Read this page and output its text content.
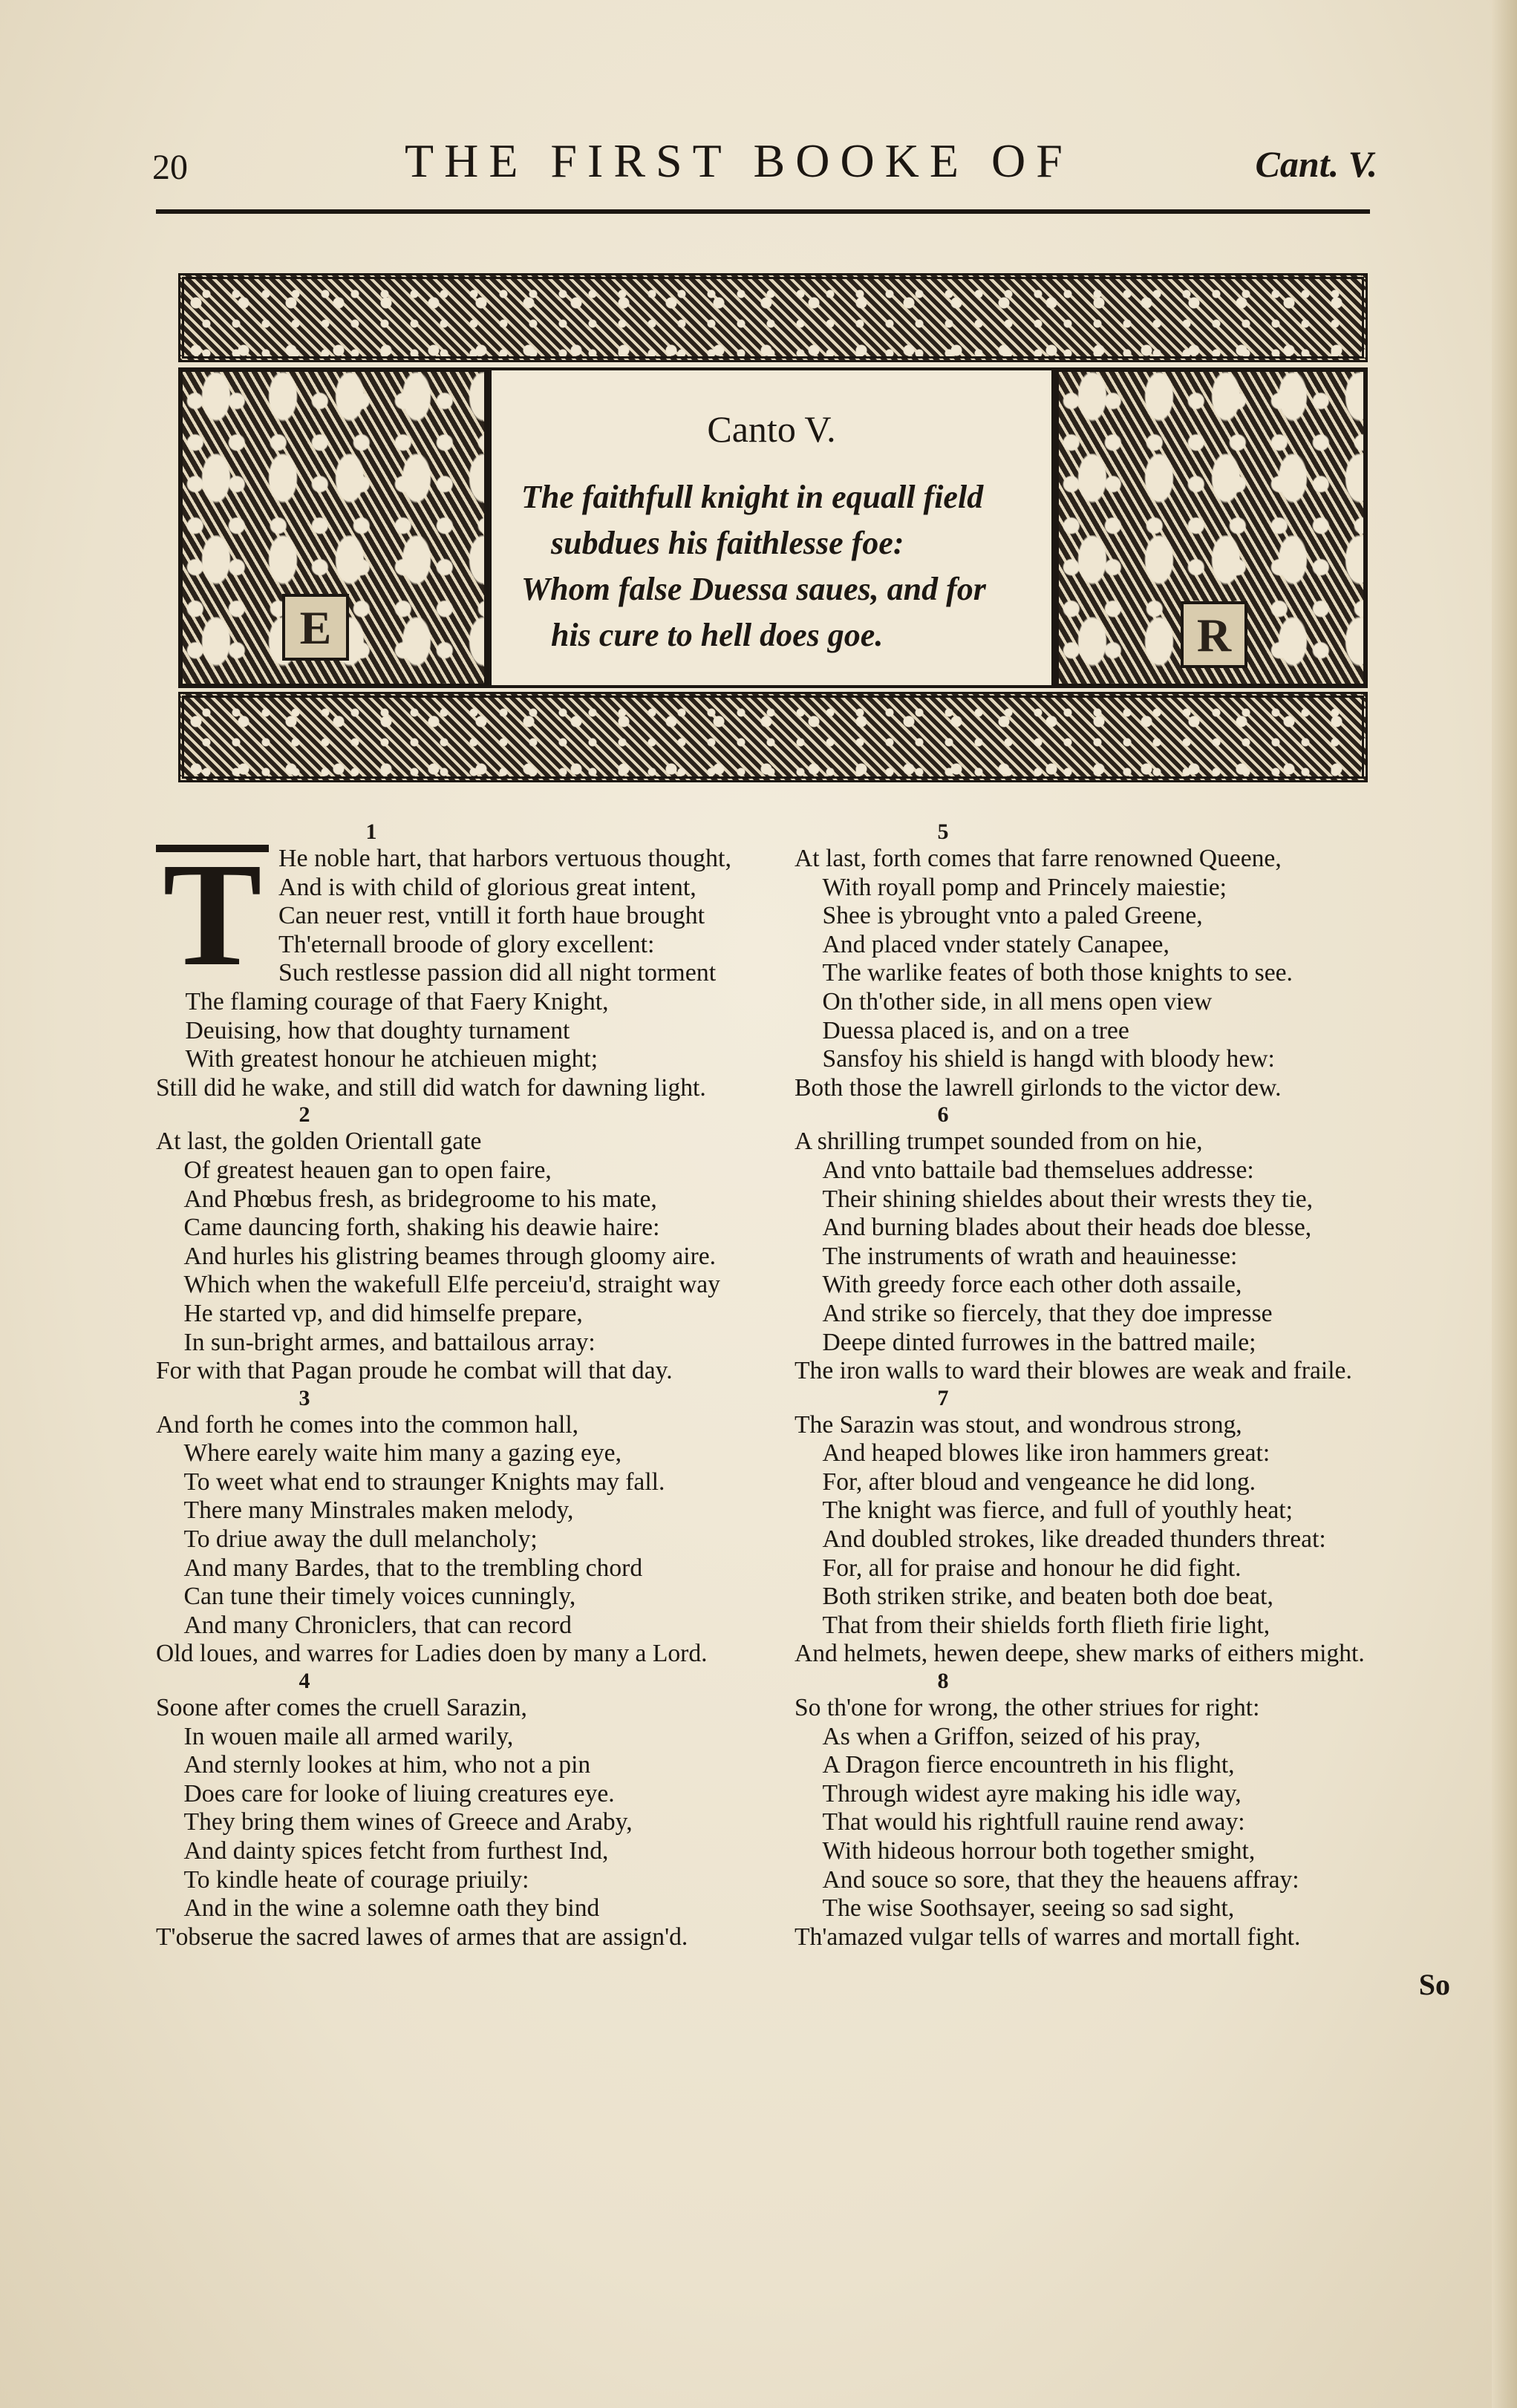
20	THE FIRST BOOKE OF	Cant. V.
E	R
Canto V.
The faithfull knight in equall field
subdues his faithlesse foe:
Whom false Duessa saues, and for
his cure to hell does goe.
1
T He noble hart, that harbors vertuous thought,
And is with child of glorious great intent,
Can neuer rest, vntill it forth haue brought
Th'eternall broode of glory excellent:
Such restlesse passion did all night torment
The flaming courage of that Faery Knight,
Deuising, how that doughty turnament
With greatest honour he atchieuen might;
Still did he wake, and still did watch for dawning light.
2
At last, the golden Orientall gate
Of greatest heauen gan to open faire,
And Phœbus fresh, as bridegroome to his mate,
Came dauncing forth, shaking his deawie haire:
And hurles his glistring beames through gloomy aire.
Which when the wakefull Elfe perceiu'd, straight way
He started vp, and did himselfe prepare,
In sun-bright armes, and battailous array:
For with that Pagan proude he combat will that day.
3
And forth he comes into the common hall,
Where earely waite him many a gazing eye,
To weet what end to straunger Knights may fall.
There many Minstrales maken melody,
To driue away the dull melancholy;
And many Bardes, that to the trembling chord
Can tune their timely voices cunningly,
And many Chroniclers, that can record
Old loues, and warres for Ladies doen by many a Lord.
4
Soone after comes the cruell Sarazin,
In wouen maile all armed warily,
And sternly lookes at him, who not a pin
Does care for looke of liuing creatures eye.
They bring them wines of Greece and Araby,
And dainty spices fetcht from furthest Ind,
To kindle heate of courage priuily:
And in the wine a solemne oath they bind
T'obserue the sacred lawes of armes that are assign'd.
5
At last, forth comes that farre renowned Queene,
With royall pomp and Princely maiestie;
Shee is ybrought vnto a paled Greene,
And placed vnder stately Canapee,
The warlike feates of both those knights to see.
On th'other side, in all mens open view
Duessa placed is, and on a tree
Sansfoy his shield is hangd with bloody hew:
Both those the lawrell girlonds to the victor dew.
6
A shrilling trumpet sounded from on hie,
And vnto battaile bad themselues addresse:
Their shining shieldes about their wrests they tie,
And burning blades about their heads doe blesse,
The instruments of wrath and heauinesse:
With greedy force each other doth assaile,
And strike so fiercely, that they doe impresse
Deepe dinted furrowes in the battred maile;
The iron walls to ward their blowes are weak and fraile.
7
The Sarazin was stout, and wondrous strong,
And heaped blowes like iron hammers great:
For, after bloud and vengeance he did long.
The knight was fierce, and full of youthly heat;
And doubled strokes, like dreaded thunders threat:
For, all for praise and honour he did fight.
Both striken strike, and beaten both doe beat,
That from their shields forth flieth firie light,
And helmets, hewen deepe, shew marks of eithers might.
8
So th'one for wrong, the other striues for right:
As when a Griffon, seized of his pray,
A Dragon fierce encountreth in his flight,
Through widest ayre making his idle way,
That would his rightfull rauine rend away:
With hideous horrour both together smight,
And souce so sore, that they the heauens affray:
The wise Soothsayer, seeing so sad sight,
Th'amazed vulgar tells of warres and mortall fight.
So
